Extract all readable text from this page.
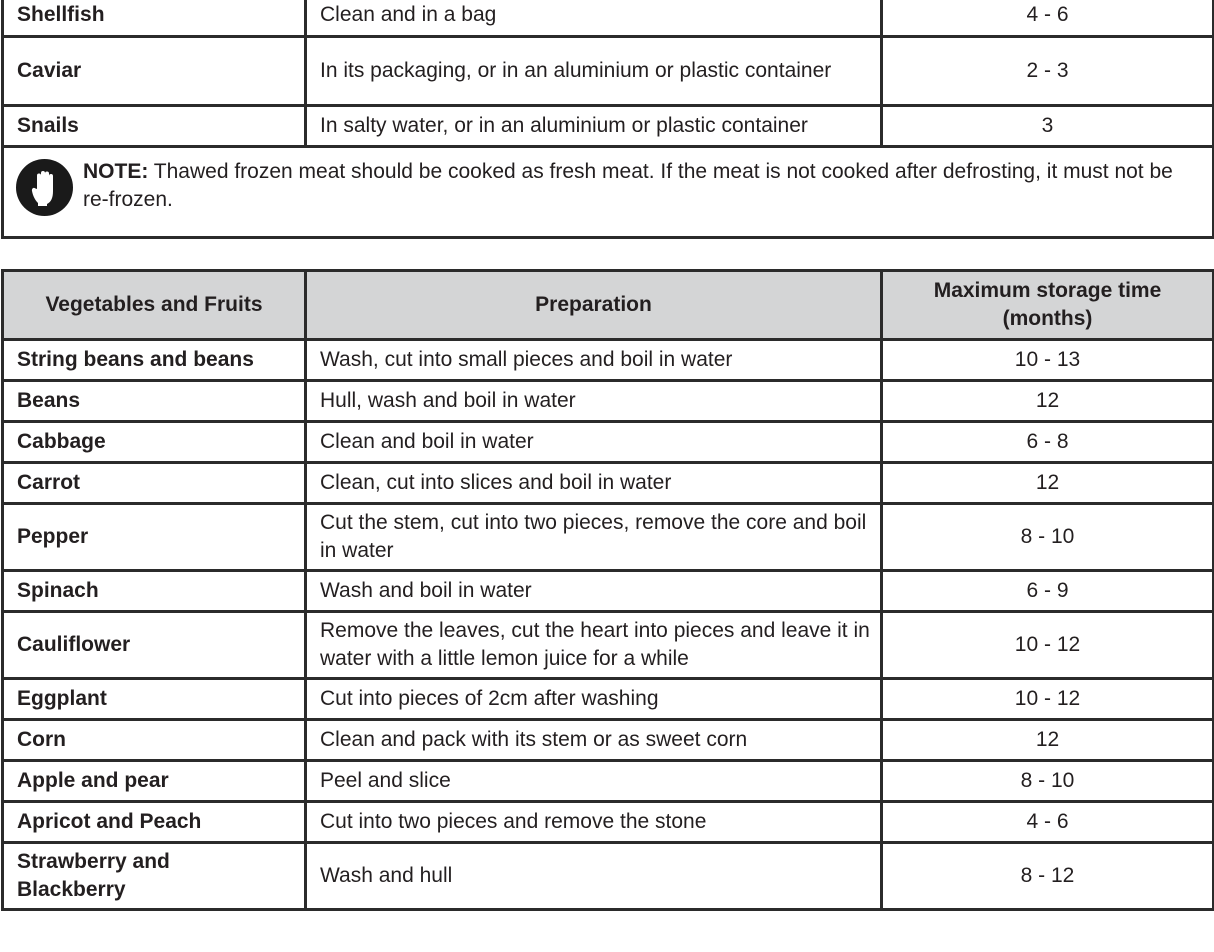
Shellfish	Clean and in a bag	4 - 6
Caviar	In its packaging, or in an aluminium or plastic container	2 - 3
Snails	In salty water, or in an aluminium or plastic container	3

NOTE: Thawed frozen meat should be cooked as fresh meat. If the meat is not cooked after defrosting, it must not be re-frozen.		
Vegetables and Fruits	Preparation	Maximum storage time (months)
String beans and beans	Wash, cut into small pieces and boil in water	10 - 13
Beans	Hull, wash and boil in water	12
Cabbage	Clean and boil in water	6 - 8
Carrot	Clean, cut into slices and boil in water	12
Pepper	Cut the stem, cut into two pieces, remove the core and boil in water	8 - 10
Spinach	Wash and boil in water	6 - 9
Cauliflower	Remove the leaves, cut the heart into pieces and leave it in water with a little lemon juice for a while	10 - 12
Eggplant	Cut into pieces of 2cm after washing	10 - 12
Corn	Clean and pack with its stem or as sweet corn	12
Apple and pear	Peel and slice	8 - 10
Apricot and Peach	Cut into two pieces and remove the stone	4 - 6
Strawberry and Blackberry	Wash and hull	8 - 12
